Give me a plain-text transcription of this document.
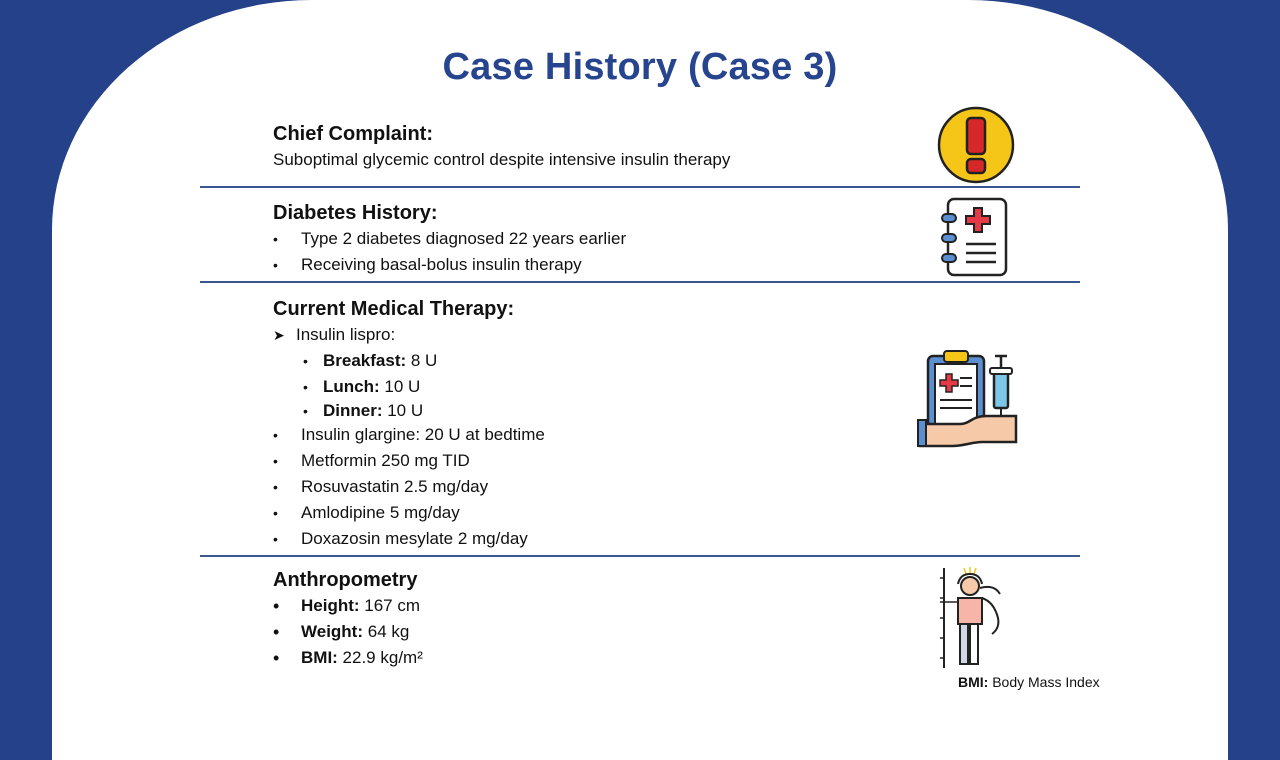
Case History (Case 3)
Chief Complaint:
Suboptimal glycemic control despite intensive insulin therapy
Diabetes History:
• Type 2 diabetes diagnosed 22 years earlier
• Receiving basal-bolus insulin therapy
Current Medical Therapy:
➤ Insulin lispro:
• Breakfast: 8 U
• Lunch: 10 U
• Dinner: 10 U
• Insulin glargine: 20 U at bedtime
• Metformin 250 mg TID
• Rosuvastatin 2.5 mg/day
• Amlodipine 5 mg/day
• Doxazosin mesylate 2 mg/day
Anthropometry
• Height: 167 cm
• Weight: 64 kg
• BMI: 22.9 kg/m²
BMI: Body Mass Index
